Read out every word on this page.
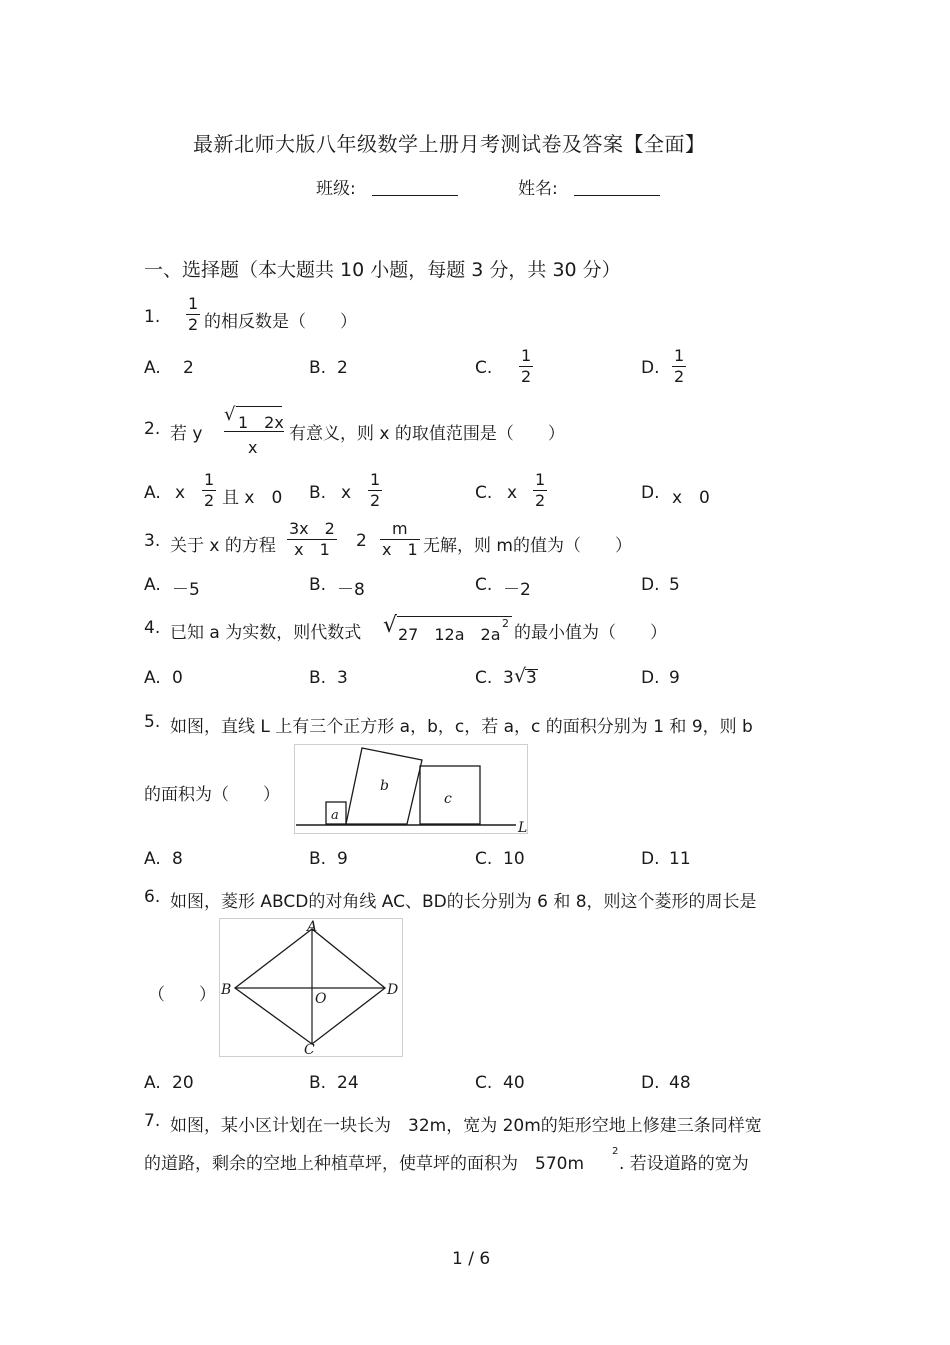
最新北师大版八年级数学上册月考测试卷及答案【全面】
班级:	姓名:
一、选择题（本大题共 10 小题，每题 3 分，共 30 分）
1. $\frac{1}{2}$ 的相反数是（　　）
A. 2	B. 2	C. $\frac{1}{2}$	D. $\frac{1}{2}$
2. 若 y
√ 1　2x
x
有意义，则 x 的取值范围是（　　）
A. x $\frac{1}{2}$ 且 x　0 B. x $\frac{1}{2}$	C. x $\frac{1}{2}$	D. x　0
3. 关于 x 的方程 $\frac{3x 2}{x 1} 2 \frac{m}{x 1}$ 无解，则 m的值为（　　）
A. －5	B. －8	C. －2	D. 5
4. 已知 a 为实数，则代数式 √ 27　12a　2a
2 的最小值为（　　）
A. 0	B. 3	C. 3 √ 3	D. 9
5. 如图，直线 L 上有三个正方形 a，b，c，若 a，c 的面积分别为 1 和 9，则 b
的面积为（　　）
a
b
c
L
A. 8	B. 9	C. 10	D. 11
6. 如图，菱形 ABCD的对角线 AC、BD的长分别为 6 和 8，则这个菱形的周长是
（　　）
A
B
C
D
O
A. 20	B. 24	C. 40	D. 48
7. 如图，某小区计划在一块长为　32m，宽为 20m的矩形空地上修建三条同样宽
的道路，剩余的空地上种植草坪，使草坪的面积为　570m
2
. 若设道路的宽为
1 / 6
